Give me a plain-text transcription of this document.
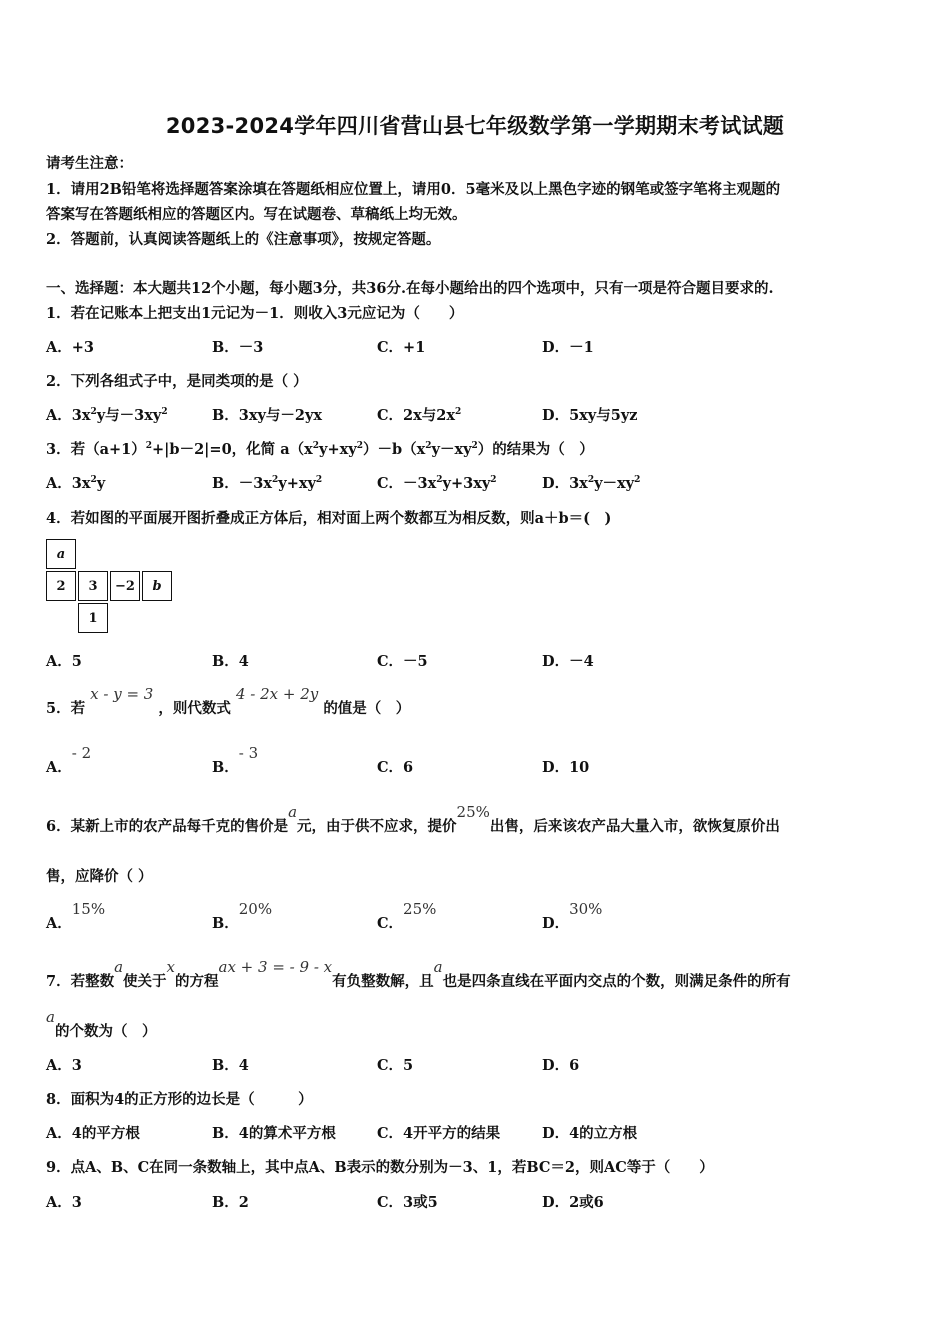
2023-2024学年四川省营山县七年级数学第一学期期末考试试题
请考生注意：
1．请用2B铅笔将选择题答案涂填在答题纸相应位置上，请用0．5毫米及以上黑色字迹的钢笔或签字笔将主观题的
答案写在答题纸相应的答题区内。写在试题卷、草稿纸上均无效。
2．答题前，认真阅读答题纸上的《注意事项》，按规定答题。
一、选择题：本大题共12个小题，每小题3分，共36分.在每小题给出的四个选项中，只有一项是符合题目要求的.
1．若在记账本上把支出1元记为－1．则收入3元应记为（　　）
A．+3	B．－3	C．+1	D．－1
2．下列各组式子中，是同类项的是（ ）
A．$3x^2y$与$-3xy^2$	B．3xy与－2yx	C．2x与$2x^2$	D．5xy与5yz
3．若$(a+1)^2+|b-2|=0$，化简 $a(x^2y+xy^2)-b(x^2y-xy^2)$的结果为（　）
A．$3x^2y$	B．$-3x^2y+xy^2$	C．$-3x^2y+3xy^2$	D．$3x^2y-xy^2$
4．若如图的平面展开图折叠成正方体后，相对面上两个数都互为相反数，则a＋b＝(　)
a
2	3	−2	b
1
A．5	B．4	C．－5	D．－4
5．若 x - y = 3 ，则代数式 4 - 2x + 2y 的值是（　）
A．- 2
B．- 3
C．6	D．10
6．某新上市的农产品每千克的售价是a元，由于供不应求，提价25%出售，后来该农产品大量入市，欲恢复原价出
售，应降价（ ）
A．15%
B．20%
C．25%
D．30%
7．若整数a使关于x的方程ax + 3 = - 9 - x有负整数解，且a也是四条直线在平面内交点的个数，则满足条件的所有
a的个数为（　）
A．3	B．4	C．5	D．6
8．面积为4的正方形的边长是（　　　）
A．4的平方根	B．4的算术平方根	C．4开平方的结果	D．4的立方根
9．点A、B、C在同一条数轴上，其中点A、B表示的数分别为－3、1，若BC＝2，则AC等于（　　）
A．3	B．2	C．3或5	D．2或6
